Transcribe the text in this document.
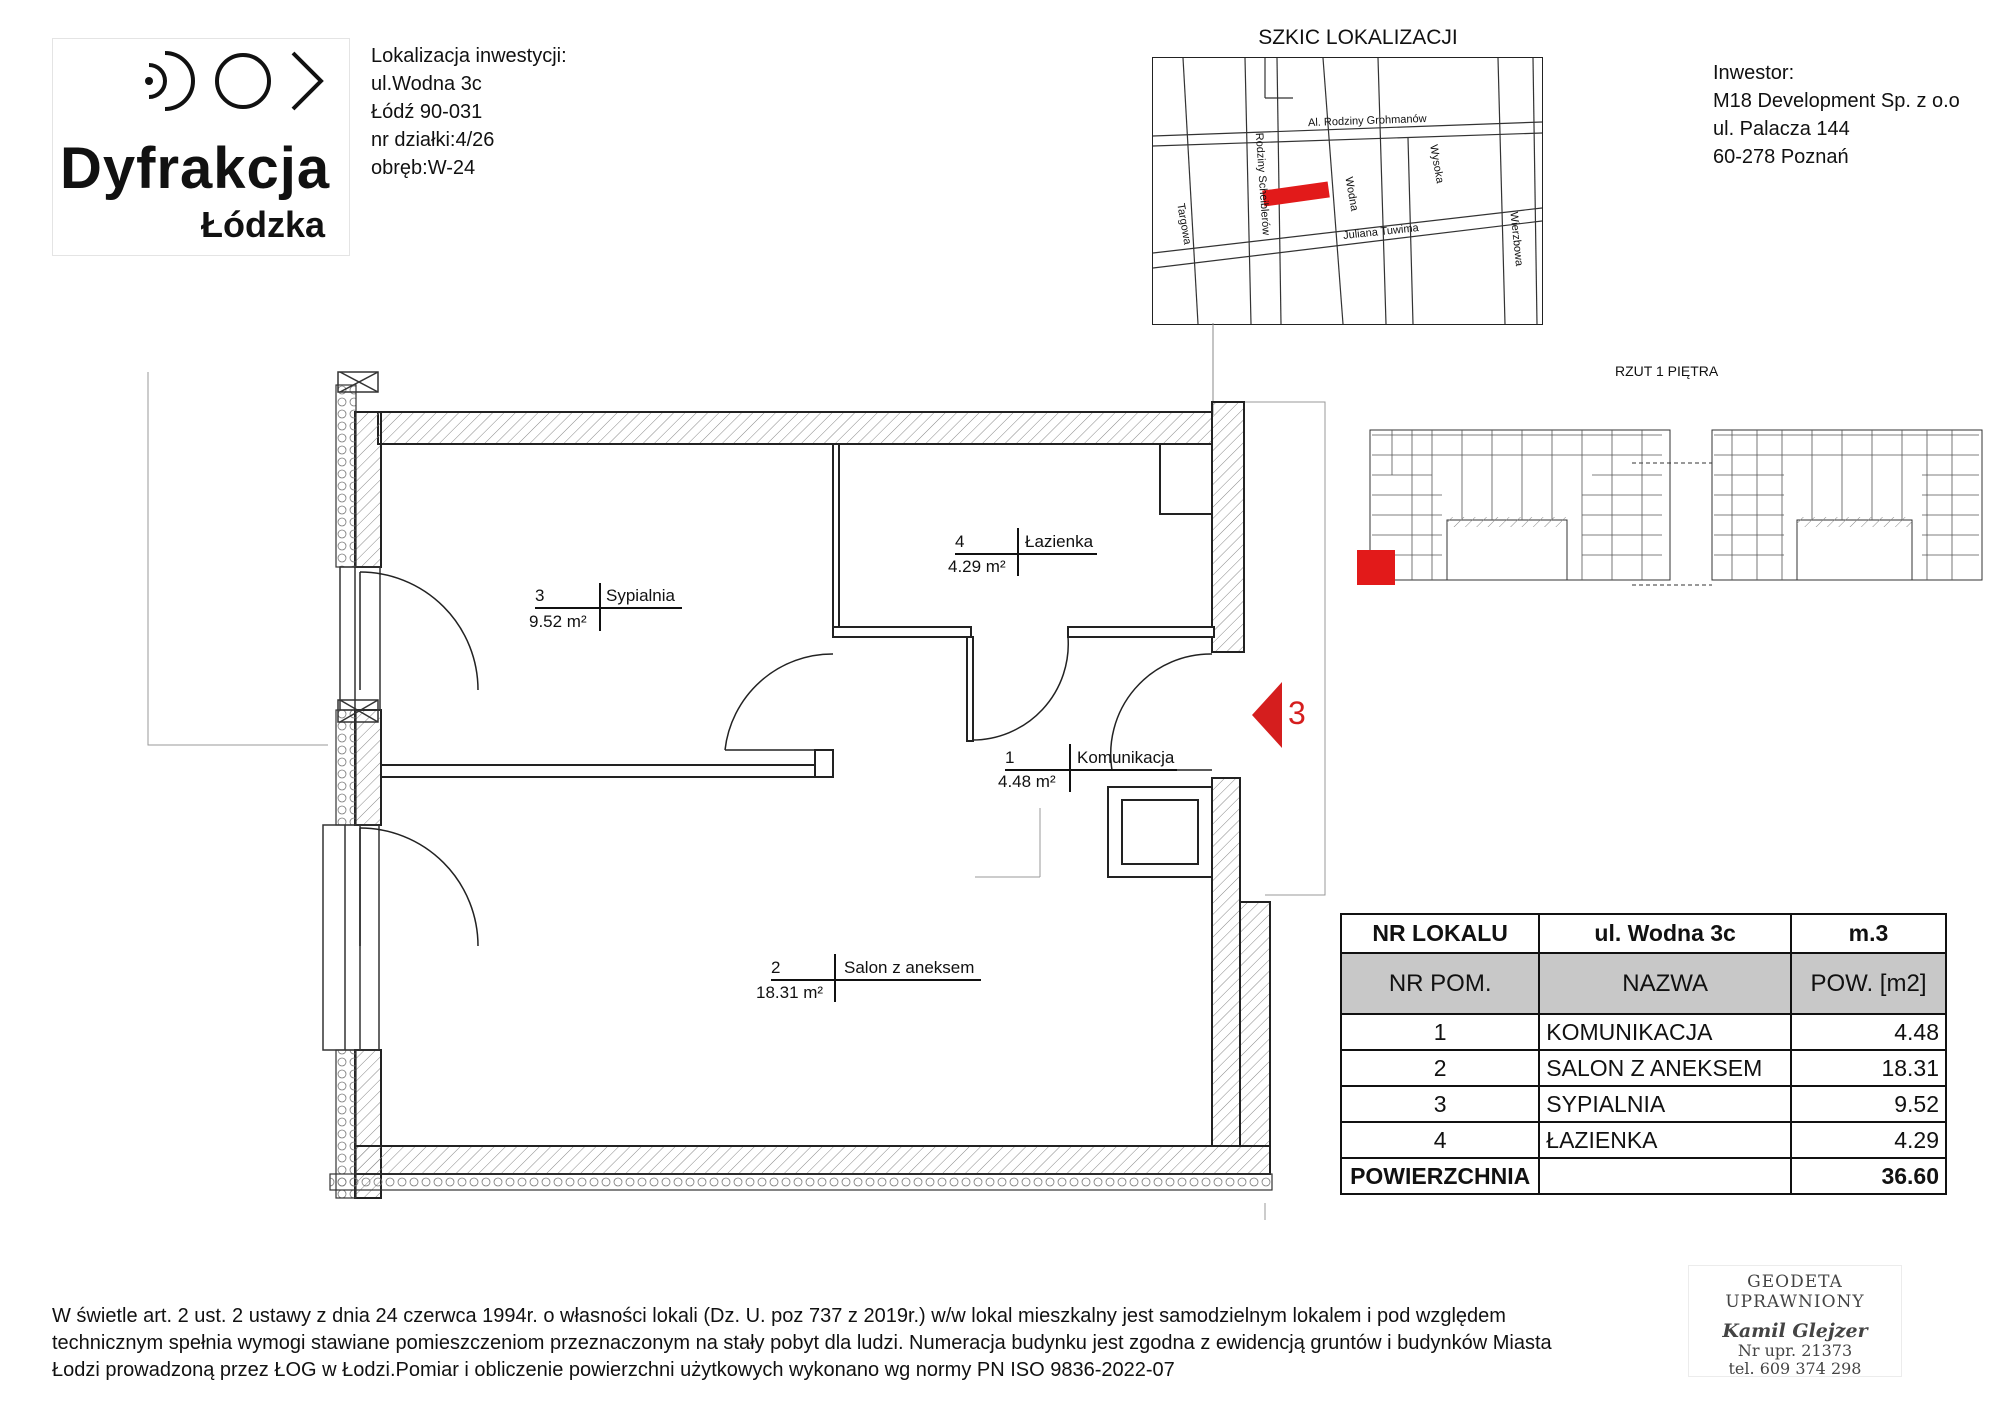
Dyfrakcja
Łódzka
Lokalizacja inwestycji:
ul.Wodna 3c
Łódź 90-031
nr działki:4/26
obręb:W-24
Inwestor:
M18 Development Sp. z o.o
ul. Palacza 144
60-278 Poznań
SZKIC LOKALIZACJI
Al. Rodziny Grohmanów
Rodziny Scheiblerów	Wodna
Wysoka
Targowa	Juliana Tuwima	Wierzbowa
RZUT 1 PIĘTRA
3
3	Sypialnia
9.52 m²
4	Łazienka
4.29 m²
1	Komunikacja
4.48 m²
2	Salon z aneksem
18.31 m²
NR LOKALU	ul. Wodna 3c	m.3
NR POM.	NAZWA	POW. [m2]
1	KOMUNIKACJA	4.48
2	SALON Z ANEKSEM	18.31
3	SYPIALNIA	9.52
4	ŁAZIENKA	4.29
POWIERZCHNIA		36.60
W świetle art. 2 ust. 2 ustawy z dnia 24 czerwca 1994r. o własności lokali (Dz. U. poz 737 z 2019r.) w/w lokal mieszkalny jest samodzielnym lokalem i pod względem
technicznym spełnia wymogi stawiane pomieszczeniom przeznaczonym na stały pobyt dla ludzi. Numeracja budynku jest zgodna z ewidencją gruntów i budynków Miasta
Łodzi prowadzoną przez ŁOG w Łodzi.Pomiar i obliczenie powierzchni użytkowych wykonano wg normy PN ISO 9836-2022-07
GEODETA UPRAWNIONY
Kamil Glejzer
Nr upr. 21373
tel. 609 374 298
